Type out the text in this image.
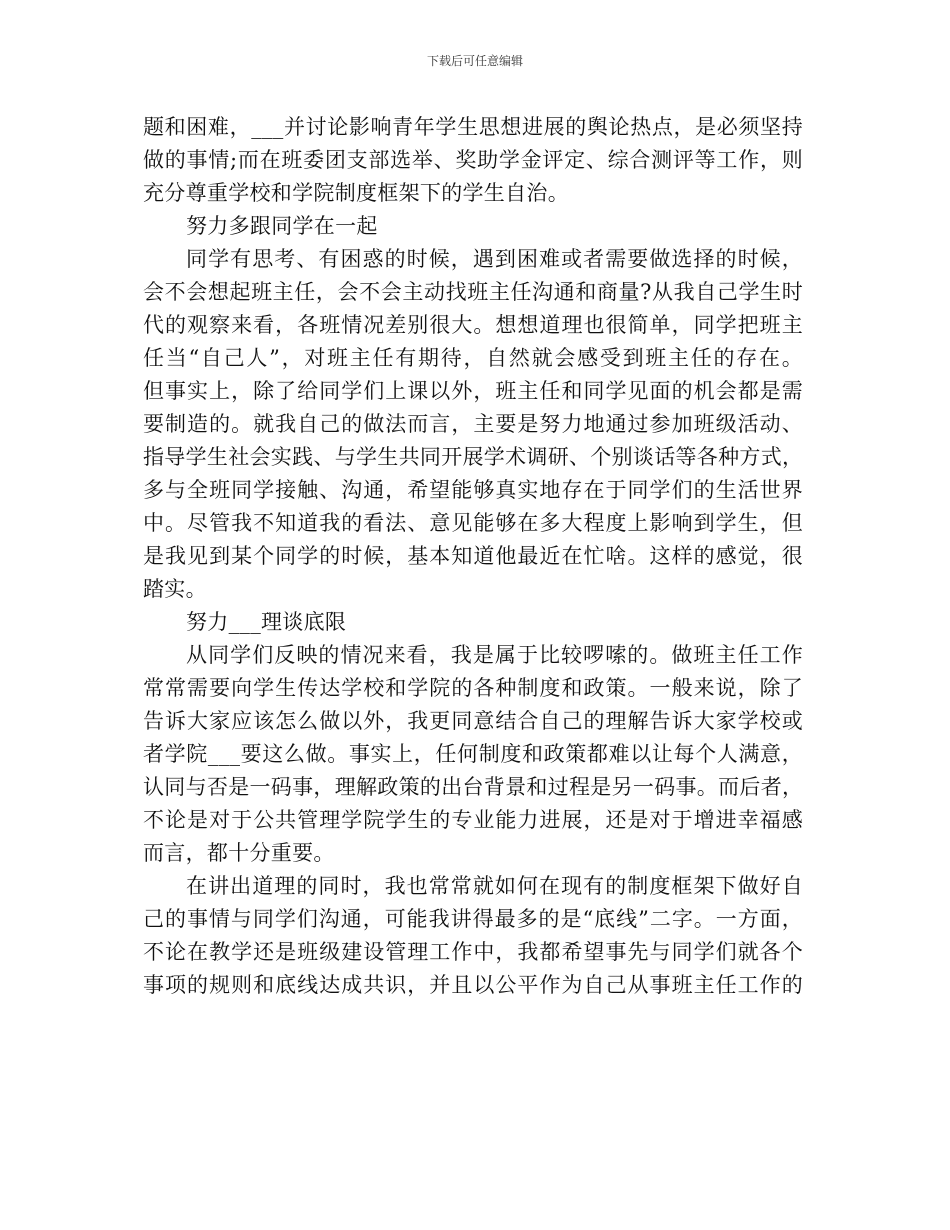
下载后可任意编辑
题和困难，___并讨论影响青年学生思想进展的舆论热点，是必须坚持
做的事情;而在班委团支部选举、奖助学金评定、综合测评等工作，则
充分尊重学校和学院制度框架下的学生自治。
努力多跟同学在一起
同学有思考、有困惑的时候，遇到困难或者需要做选择的时候，
会不会想起班主任，会不会主动找班主任沟通和商量?从我自己学生时
代的观察来看，各班情况差别很大。想想道理也很简单，同学把班主
任当“自己人”，对班主任有期待，自然就会感受到班主任的存在。
但事实上，除了给同学们上课以外，班主任和同学见面的机会都是需
要制造的。就我自己的做法而言，主要是努力地通过参加班级活动、
指导学生社会实践、与学生共同开展学术调研、个别谈话等各种方式，
多与全班同学接触、沟通，希望能够真实地存在于同学们的生活世界
中。尽管我不知道我的看法、意见能够在多大程度上影响到学生，但
是我见到某个同学的时候，基本知道他最近在忙啥。这样的感觉，很
踏实。
努力___理谈底限
从同学们反映的情况来看，我是属于比较啰嗦的。做班主任工作
常常需要向学生传达学校和学院的各种制度和政策。一般来说，除了
告诉大家应该怎么做以外，我更同意结合自己的理解告诉大家学校或
者学院___要这么做。事实上，任何制度和政策都难以让每个人满意，
认同与否是一码事，理解政策的出台背景和过程是另一码事。而后者，
不论是对于公共管理学院学生的专业能力进展，还是对于增进幸福感
而言，都十分重要。
在讲出道理的同时，我也常常就如何在现有的制度框架下做好自
己的事情与同学们沟通，可能我讲得最多的是“底线”二字。一方面，
不论在教学还是班级建设管理工作中，我都希望事先与同学们就各个
事项的规则和底线达成共识，并且以公平作为自己从事班主任工作的
